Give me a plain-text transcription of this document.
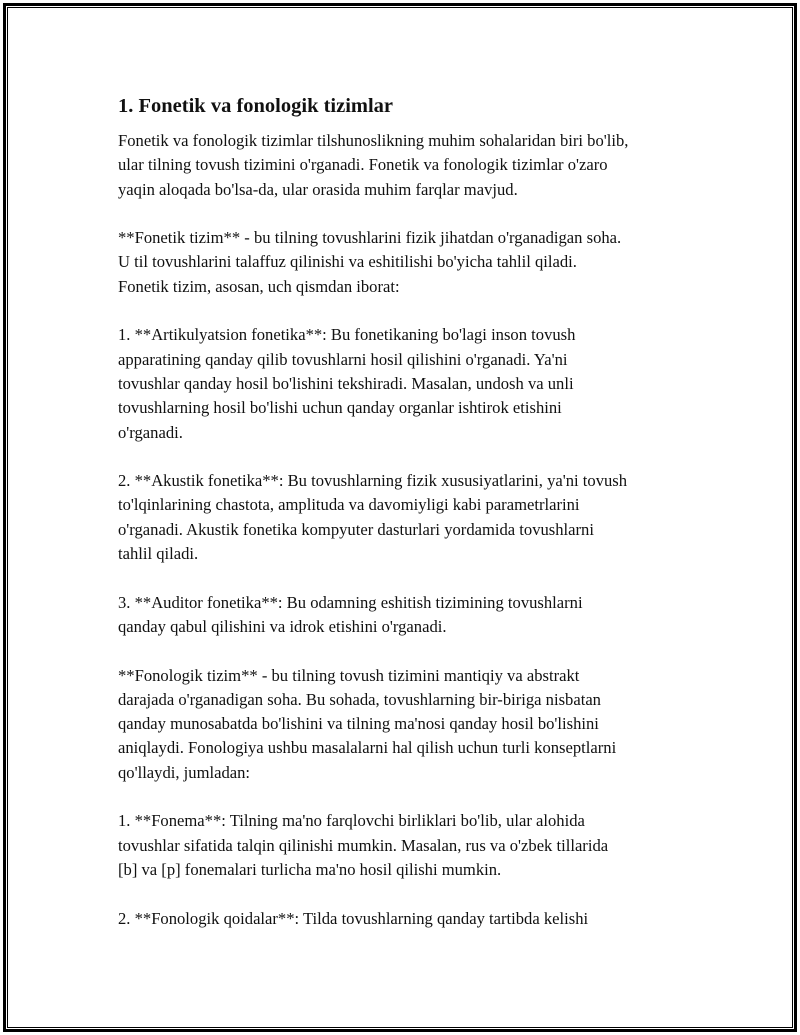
1. Fonetik va fonologik tizimlar
Fonetik va fonologik tizimlar tilshunoslikning muhim sohalaridan biri bo'lib,
ular tilning tovush tizimini o'rganadi. Fonetik va fonologik tizimlar o'zaro
yaqin aloqada bo'lsa-da, ular orasida muhim farqlar mavjud.
**Fonetik tizim** - bu tilning tovushlarini fizik jihatdan o'rganadigan soha.
U til tovushlarini talaffuz qilinishi va eshitilishi bo'yicha tahlil qiladi.
Fonetik tizim, asosan, uch qismdan iborat:
1. **Artikulyatsion fonetika**: Bu fonetikaning bo'lagi inson tovush
apparatining qanday qilib tovushlarni hosil qilishini o'rganadi. Ya'ni
tovushlar qanday hosil bo'lishini tekshiradi. Masalan, undosh va unli
tovushlarning hosil bo'lishi uchun qanday organlar ishtirok etishini
o'rganadi.
2. **Akustik fonetika**: Bu tovushlarning fizik xususiyatlarini, ya'ni tovush
to'lqinlarining chastota, amplituda va davomiyligi kabi parametrlarini
o'rganadi. Akustik fonetika kompyuter dasturlari yordamida tovushlarni
tahlil qiladi.
3. **Auditor fonetika**: Bu odamning eshitish tizimining tovushlarni
qanday qabul qilishini va idrok etishini o'rganadi.
**Fonologik tizim** - bu tilning tovush tizimini mantiqiy va abstrakt
darajada o'rganadigan soha. Bu sohada, tovushlarning bir-biriga nisbatan
qanday munosabatda bo'lishini va tilning ma'nosi qanday hosil bo'lishini
aniqlaydi. Fonologiya ushbu masalalarni hal qilish uchun turli konseptlarni
qo'llaydi, jumladan:
1. **Fonema**: Tilning ma'no farqlovchi birliklari bo'lib, ular alohida
tovushlar sifatida talqin qilinishi mumkin. Masalan, rus va o'zbek tillarida
[b] va [p] fonemalari turlicha ma'no hosil qilishi mumkin.
2. **Fonologik qoidalar**: Tilda tovushlarning qanday tartibda kelishi
